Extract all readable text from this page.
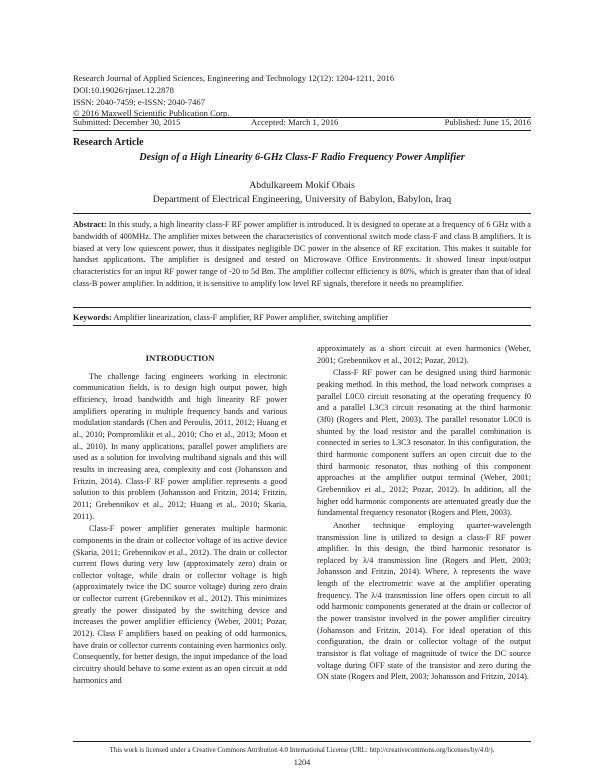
Research Journal of Applied Sciences, Engineering and Technology 12(12): 1204-1211, 2016
DOI:10.19026/rjaset.12.2878
ISSN: 2040-7459; e-ISSN: 2040-7467
© 2016 Maxwell Scientific Publication Corp.
Submitted: December 30, 2015	Accepted: March 1, 2016	Published: June 15, 2016
Research Article
Design of a High Linearity 6-GHz Class-F Radio Frequency Power Amplifier
Abdulkareem Mokif Obais
Department of Electrical Engineering, University of Babylon, Babylon, Iraq
Abstract: In this study, a high linearity class-F RF power amplifier is introduced. It is designed to operate at a frequency of 6 GHz with a bandwidth of 400MHz. The amplifier mixes between the characteristics of conventional switch mode class-F and class B amplifiers. It is biased at very low quiescent power, thus it dissipates negligible DC power in the absence of RF excitation. This makes it suitable for handset applications. The amplifier is designed and tested on Microwave Office Environments. It showed linear input/output characteristics for an input RF power range of -20 to 5d Bm. The amplifier collector efficiency is 80%, which is greater than that of ideal class-B power amplifier. In addition, it is sensitive to amplify low level RF signals, therefore it needs no preamplifier.
Keywords: Amplifier linearization, class-F amplifier, RF Power amplifier, switching amplifier
INTRODUCTION

The challenge facing engineers working in electronic communication fields, is to design high output power, high efficiency, broad bandwidth and high linearity RF power amplifiers operating in multiple frequency bands and various modulation standards (Chen and Peroulis, 2011, 2012; Huang et al., 2010; Pornpromlikit et al., 2010; Cho et al., 2013; Moon et al., 2010). In many applications, parallel power amplifiers are used as a solution for involving multiband signals and this will results in increasing area, complexity and cost (Johansson and Fritzin, 2014). Class-F RF power amplifier represents a good solution to this problem (Johansson and Fritzin, 2014; Fritzin, 2011; Grebennikov et al., 2012; Huang et al., 2010; Skaria, 2011).

Class-F power amplifier generates multiple harmonic components in the drain or collector voltage of its active device (Skaria, 2011; Grebennikov et al., 2012). The drain or collector current flows during very low (approximately zero) drain or collector voltage, while drain or collector voltage is high (approximately twice the DC source voltage) during zero drain or collector current (Grebennikov et al., 2012). This minimizes greatly the power dissipated by the switching device and increases the power amplifier efficiency (Weber, 2001; Pozar, 2012). Class F amplifiers based on peaking of odd harmonics, have drain or collector currents containing even harmonics only. Consequently, for better design, the input impedance of the load circuitry should behave to some extent as an open circuit at odd harmonics and

approximately as a short circuit at even harmonics (Weber, 2001; Grebennikov et al., 2012; Pozar, 2012).

Class-F RF power can be designed using third harmonic peaking method. In this method, the load network comprises a parallel L0C0 circuit resonating at the operating frequency f0 and a parallel L3C3 circuit resonating at the third harmonic (3f0) (Rogers and Plett, 2003). The parallel resonator L0C0 is shunted by the load resistor and the parallel combination is connected in series to L3C3 resonator. In this configuration, the third harmonic component suffers an open circuit due to the third harmonic resonator, thus nothing of this component approaches at the amplifier output terminal (Weber, 2001; Grebennikov et al., 2012; Pozar, 2012). In addition, all the higher odd harmonic components are attenuated greatly due the fundamental frequency resonator (Rogers and Plett, 2003).

Another technique employing quarter-wavelength transmission line is utilized to design a class-F RF power amplifier. In this design, the third harmonic resonator is replaced by λ/4 transmission line (Rogers and Plett, 2003; Johansson and Fritzin, 2014). Where, λ represents the wave length of the electrometric wave at the amplifier operating frequency. The λ/4 transmission line offers open circuit to all odd harmonic components generated at the drain or collector of the power transistor involved in the power amplifier circuitry (Johansson and Fritzin, 2014). For ideal operation of this configuration, the drain or collector voltage of the output transistor is flat voltage of magnitude of twice the DC source voltage during OFF state of the transistor and zero during the ON state (Rogers and Plett, 2003; Johansson and Fritzin, 2014).

This work is licensed under a Creative Commons Attribution 4.0 International License (URL: http://creativecommons.org/licenses/by/4.0/).
1204
